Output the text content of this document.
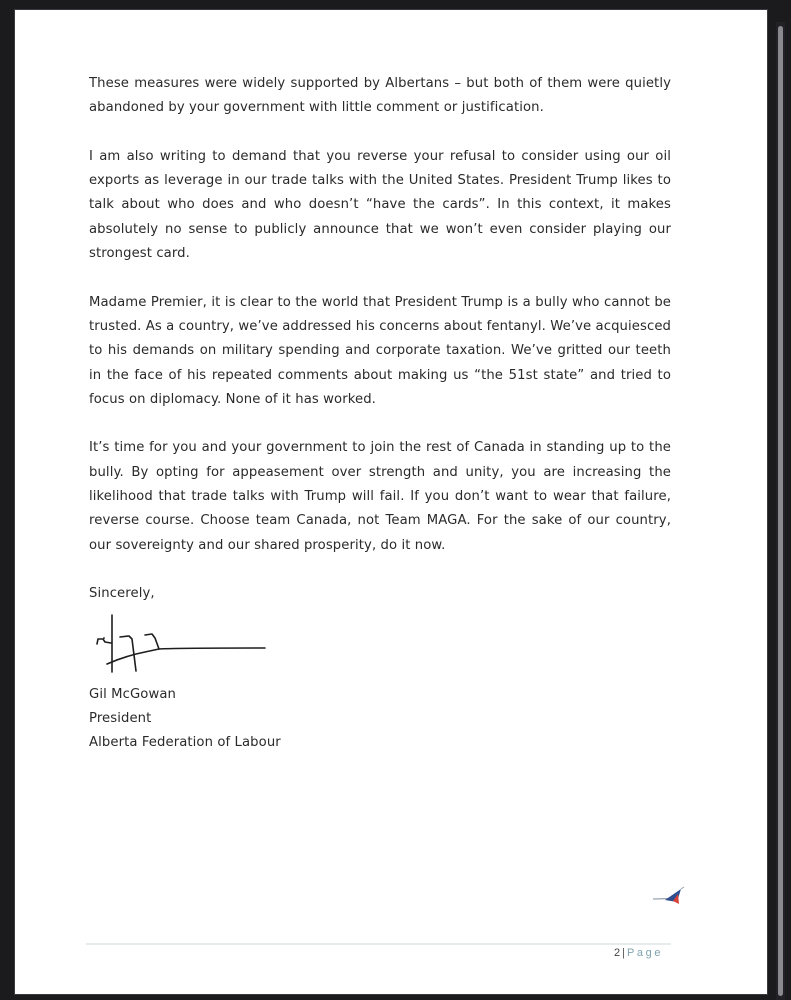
These measures were widely supported by Albertans – but both of them were quietly abandoned by your government with little comment or justification.

I am also writing to demand that you reverse your refusal to consider using our oil exports as leverage in our trade talks with the United States. President Trump likes to talk about who does and who doesn’t “have the cards”. In this context, it makes absolutely no sense to publicly announce that we won’t even consider playing our strongest card.

Madame Premier, it is clear to the world that President Trump is a bully who cannot be trusted. As a country, we’ve addressed his concerns about fentanyl. We’ve acquiesced to his demands on military spending and corporate taxation. We’ve gritted our teeth in the face of his repeated comments about making us “the 51st state” and tried to focus on diplomacy. None of it has worked.

It’s time for you and your government to join the rest of Canada in standing up to the bully. By opting for appeasement over strength and unity, you are increasing the likelihood that trade talks with Trump will fail. If you don’t want to wear that failure, reverse course. Choose team Canada, not Team MAGA. For the sake of our country, our sovereignty and our shared prosperity, do it now.

Sincerely,

Gil McGowan

President

Alberta Federation of Labour

2 | Page
